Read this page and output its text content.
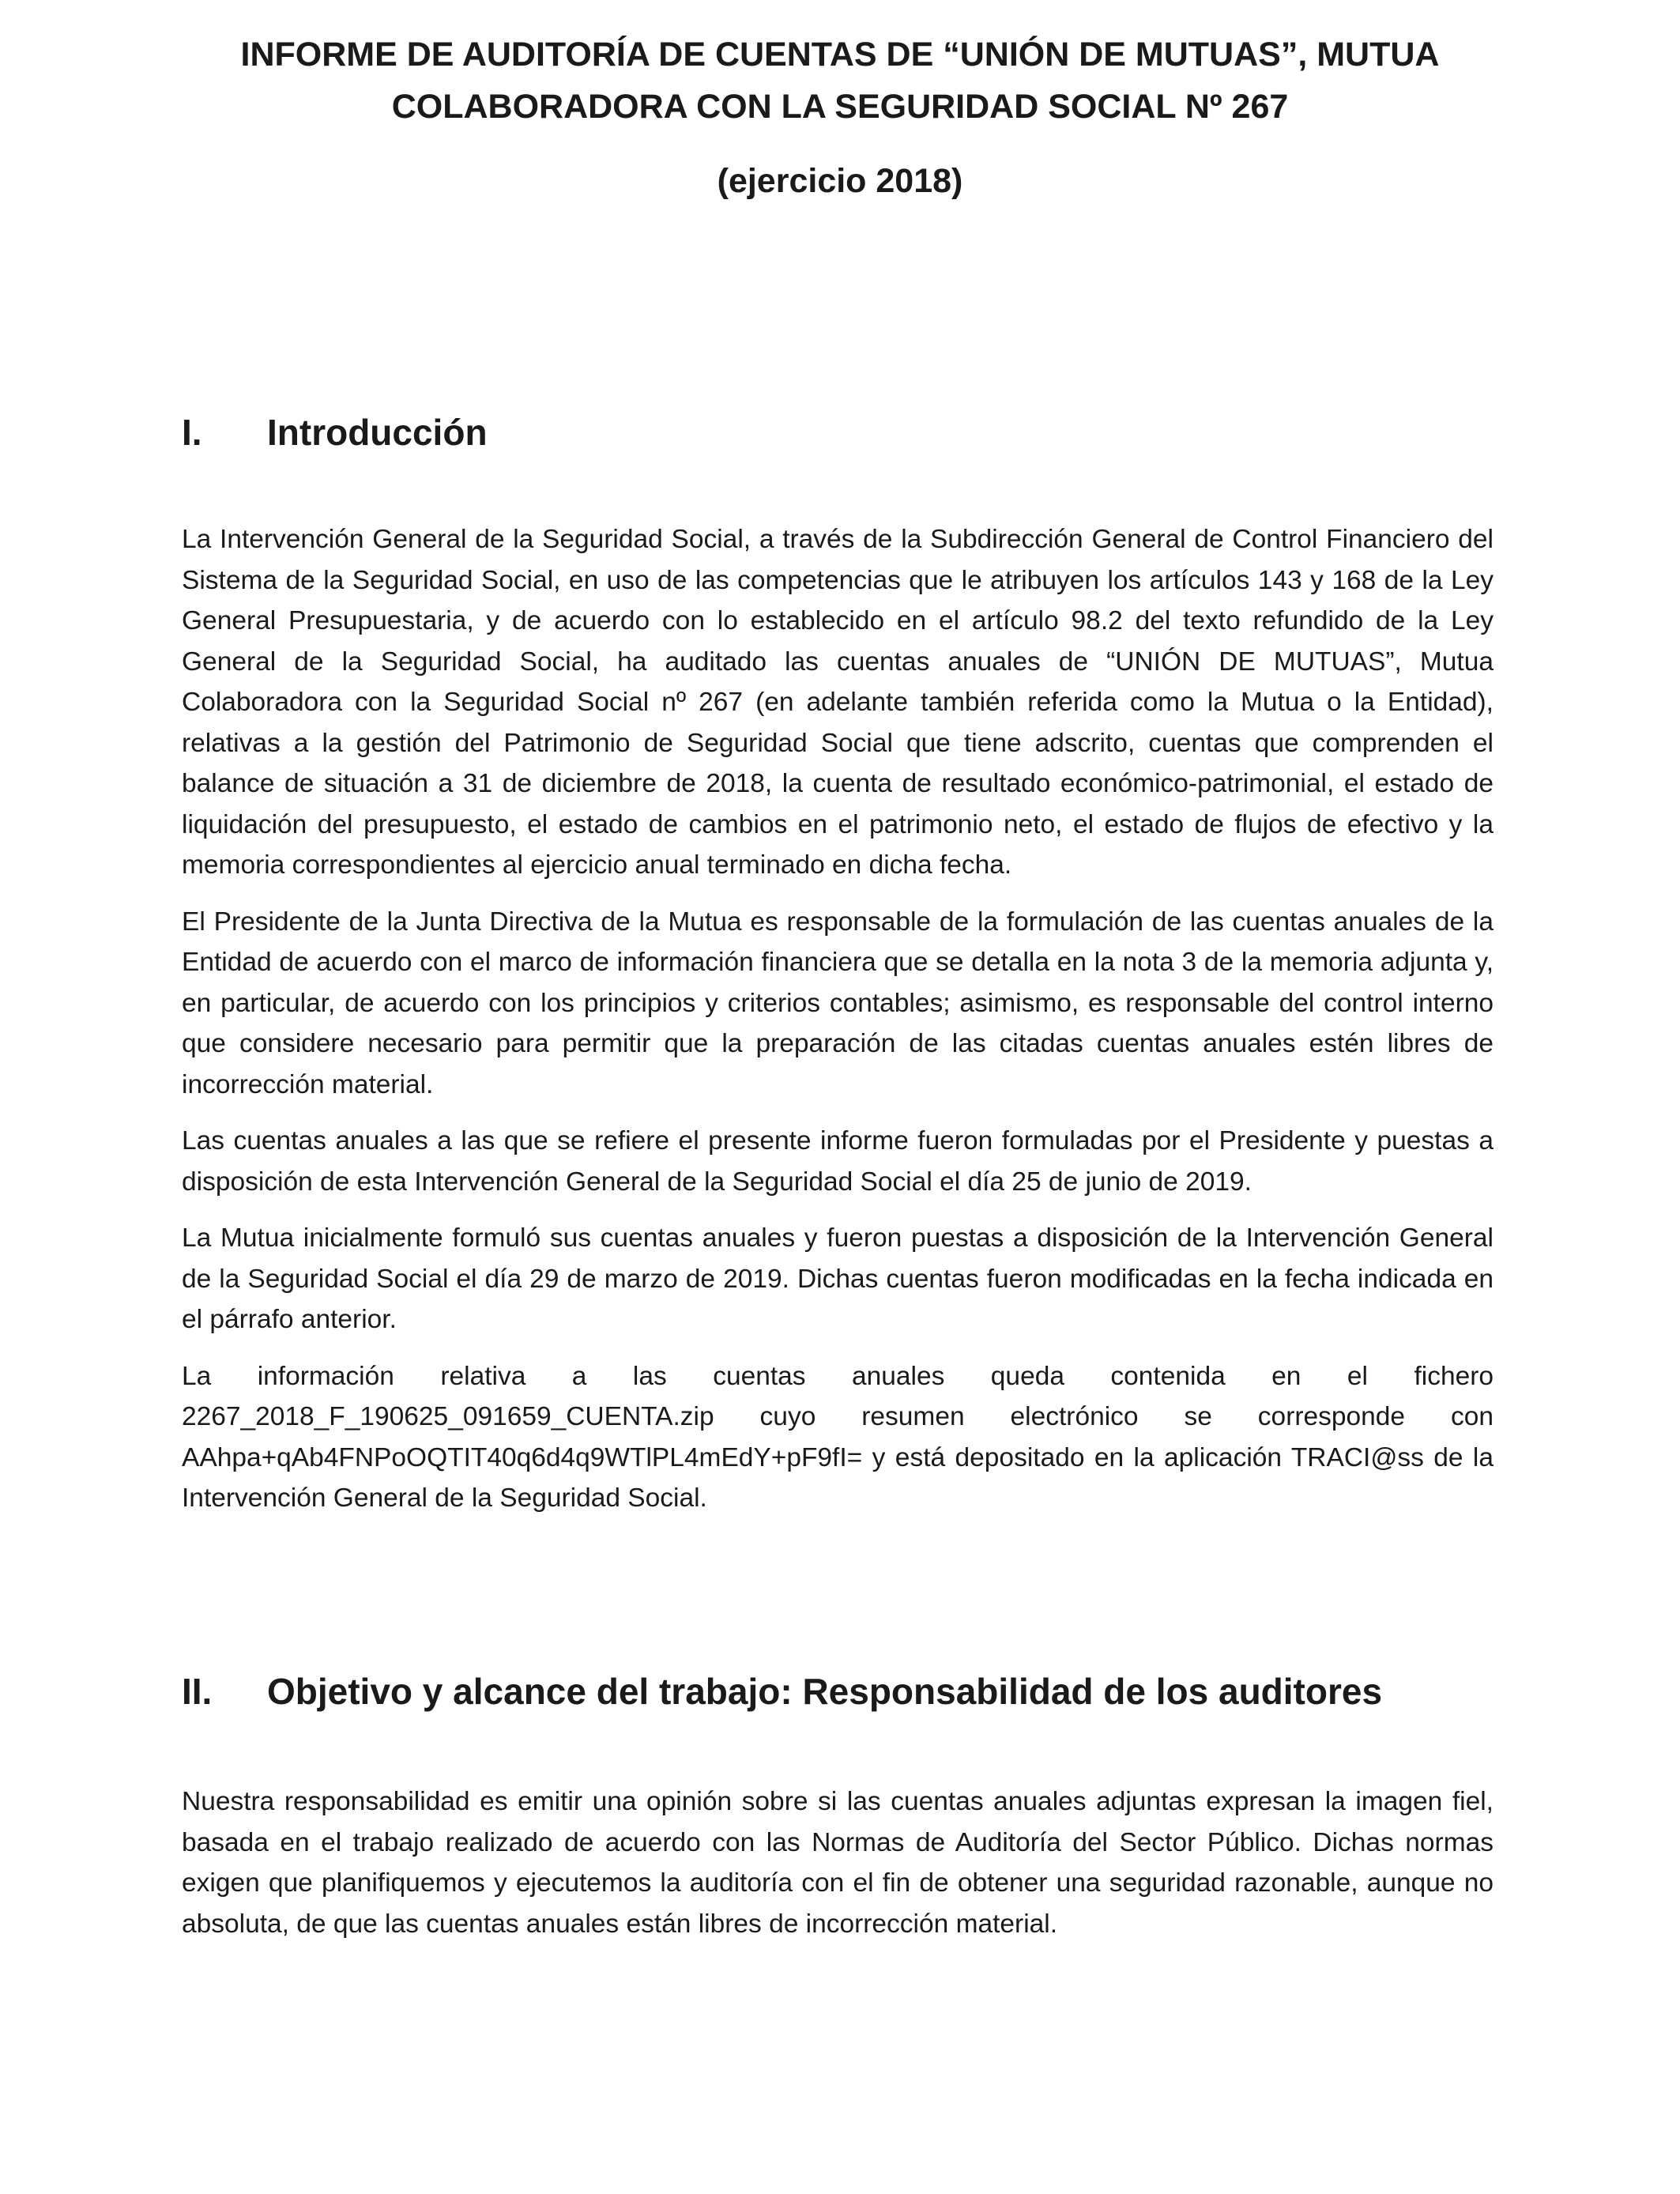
INFORME DE AUDITORÍA DE CUENTAS DE “UNIÓN DE MUTUAS”, MUTUA COLABORADORA CON LA SEGURIDAD SOCIAL Nº 267
(ejercicio 2018)
I. Introducción

La Intervención General de la Seguridad Social, a través de la Subdirección General de Control Financiero del Sistema de la Seguridad Social, en uso de las competencias que le atribuyen los artículos 143 y 168 de la Ley General Presupuestaria, y de acuerdo con lo establecido en el artículo 98.2 del texto refundido de la Ley General de la Seguridad Social, ha auditado las cuentas anuales de “UNIÓN DE MUTUAS”, Mutua Colaboradora con la Seguridad Social nº 267 (en adelante también referida como la Mutua o la Entidad), relativas a la gestión del Patrimonio de Seguridad Social que tiene adscrito, cuentas que comprenden el balance de situación a 31 de diciembre de 2018, la cuenta de resultado económico-patrimonial, el estado de liquidación del presupuesto, el estado de cambios en el patrimonio neto, el estado de flujos de efectivo y la memoria correspondientes al ejercicio anual terminado en dicha fecha.

El Presidente de la Junta Directiva de la Mutua es responsable de la formulación de las cuentas anuales de la Entidad de acuerdo con el marco de información financiera que se detalla en la nota 3 de la memoria adjunta y, en particular, de acuerdo con los principios y criterios contables; asimismo, es responsable del control interno que considere necesario para permitir que la preparación de las citadas cuentas anuales estén libres de incorrección material.

Las cuentas anuales a las que se refiere el presente informe fueron formuladas por el Presidente y puestas a disposición de esta Intervención General de la Seguridad Social el día 25 de junio de 2019.

La Mutua inicialmente formuló sus cuentas anuales y fueron puestas a disposición de la Intervención General de la Seguridad Social el día 29 de marzo de 2019. Dichas cuentas fueron modificadas en la fecha indicada en el párrafo anterior.

La información relativa a las cuentas anuales queda contenida en el fichero 2267_2018_F_190625_091659_CUENTA.zip cuyo resumen electrónico se corresponde con AAhpa+qAb4FNPoOQTIT40q6d4q9WTlPL4mEdY+pF9fI= y está depositado en la aplicación TRACI@ss de la Intervención General de la Seguridad Social.

II. Objetivo y alcance del trabajo: Responsabilidad de los auditores

Nuestra responsabilidad es emitir una opinión sobre si las cuentas anuales adjuntas expresan la imagen fiel, basada en el trabajo realizado de acuerdo con las Normas de Auditoría del Sector Público. Dichas normas exigen que planifiquemos y ejecutemos la auditoría con el fin de obtener una seguridad razonable, aunque no absoluta, de que las cuentas anuales están libres de incorrección material.
